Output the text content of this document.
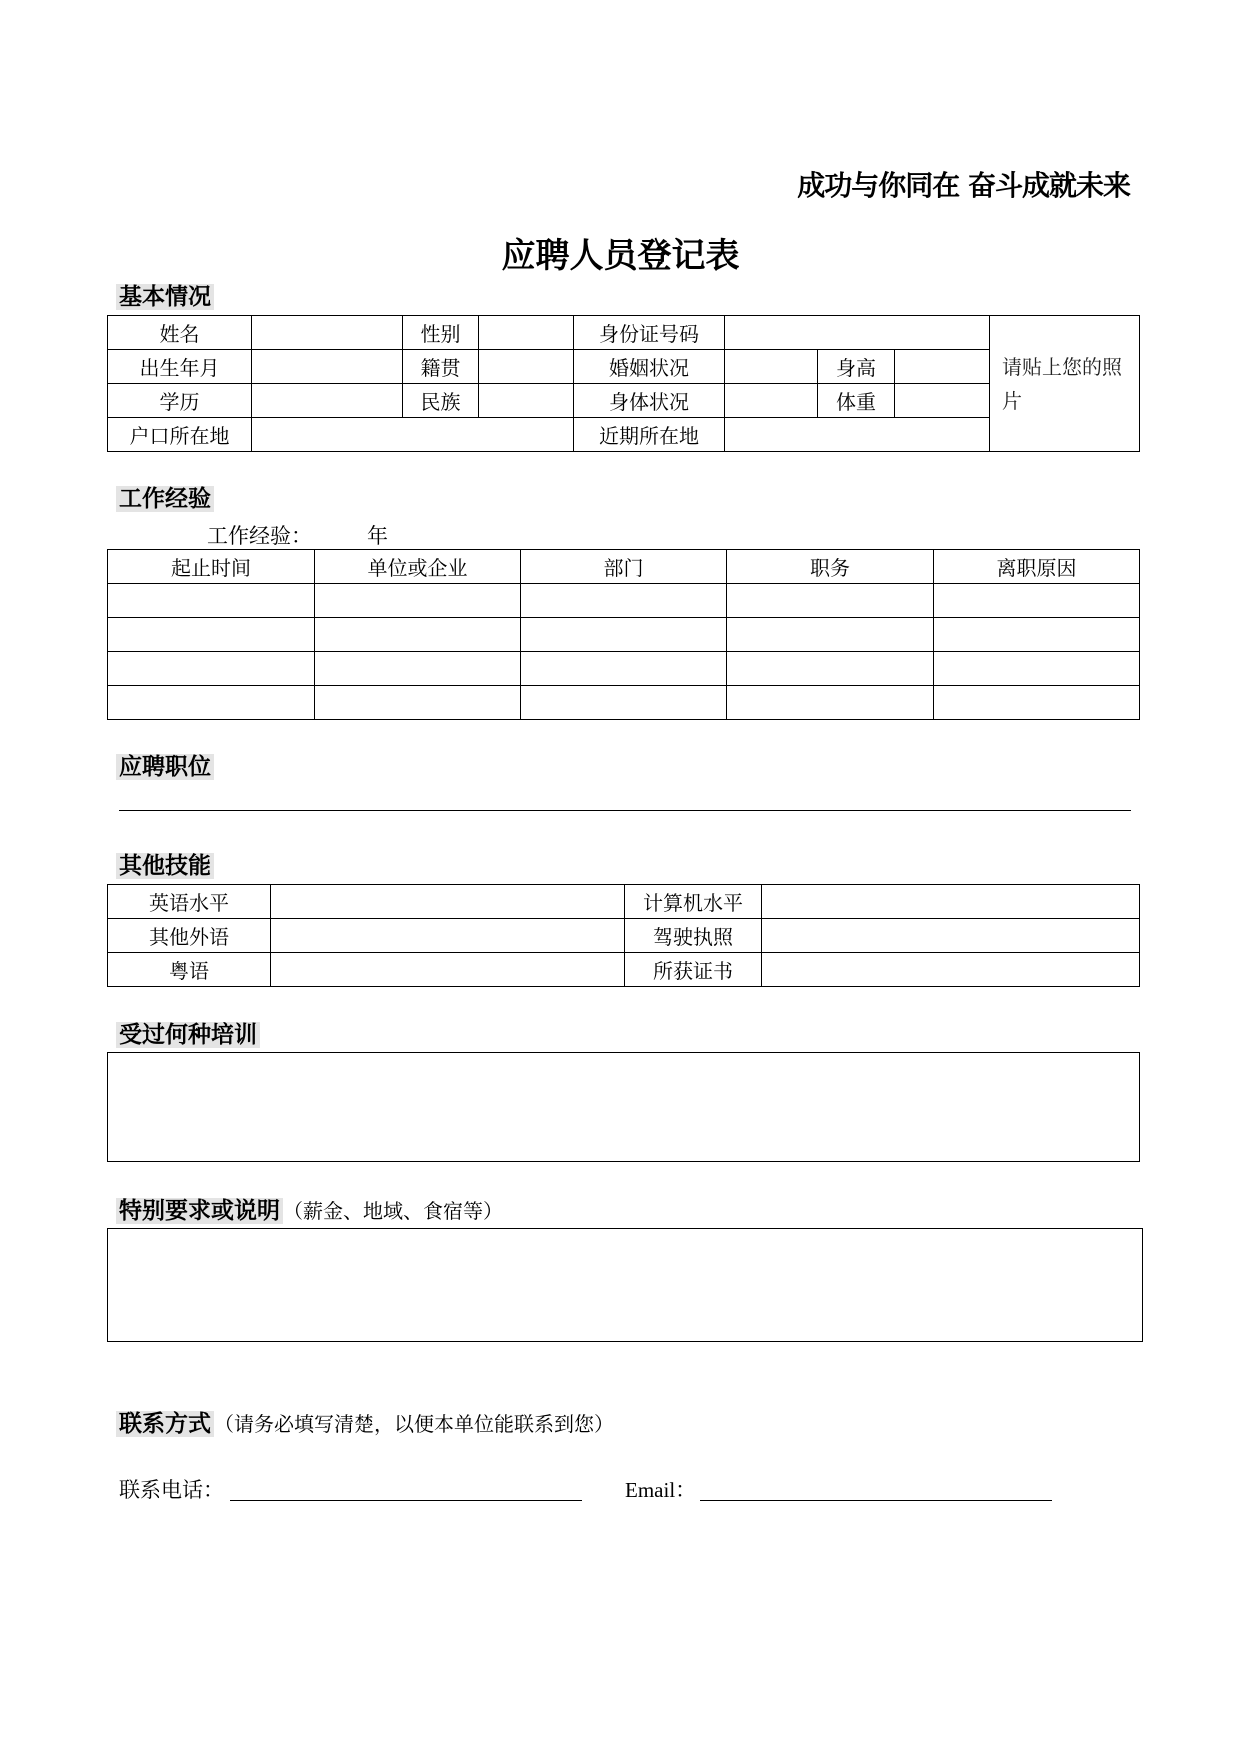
成功与你同在 奋斗成就未来
应聘人员登记表
基本情况
姓名		性别		身份证号码				请贴上您的照片
出生年月		籍贯		婚姻状况		身高		
学历		民族		身体状况		体重		
户口所在地				近期所在地				
工作经验
工作经验：	年
起止时间	单位或企业	部门	职务	离职原因

应聘职位
其他技能
英语水平		计算机水平	
其他外语		驾驶执照	
粤语		所获证书	
受过何种培训
特别要求或说明 （薪金、地域、食宿等）
联系方式 （请务必填写清楚，以便本单位能联系到您）
联系电话：	Email：
